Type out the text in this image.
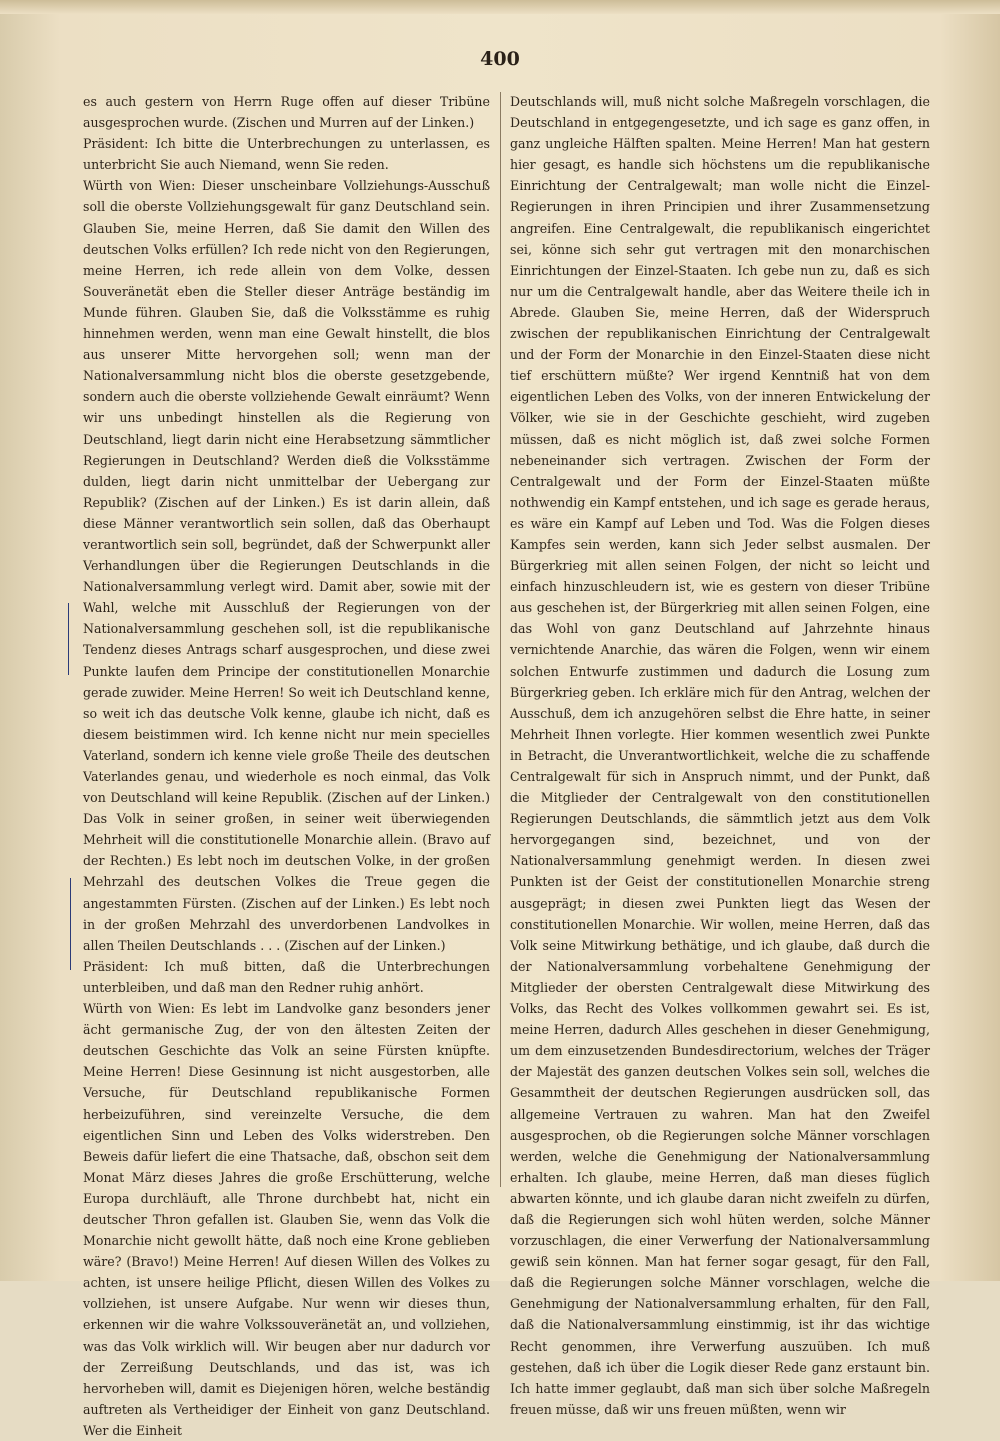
400

es auch gestern von Herrn Ruge offen auf dieser Tribüne ausgesprochen wurde. (Zischen und Murren auf der Linken.)

Präsident: Ich bitte die Unterbrechungen zu unterlassen, es unterbricht Sie auch Niemand, wenn Sie reden.

Würth von Wien: Dieser unscheinbare Vollziehungs-Ausschuß soll die oberste Vollziehungsgewalt für ganz Deutschland sein. Glauben Sie, meine Herren, daß Sie damit den Willen des deutschen Volks erfüllen? Ich rede nicht von den Regierungen, meine Herren, ich rede allein von dem Volke, dessen Souveränetät eben die Steller dieser Anträge beständig im Munde führen. Glauben Sie, daß die Volksstämme es ruhig hinnehmen werden, wenn man eine Gewalt hinstellt, die blos aus unserer Mitte hervorgehen soll; wenn man der Nationalversammlung nicht blos die oberste gesetzgebende, sondern auch die oberste vollziehende Gewalt einräumt? Wenn wir uns unbedingt hinstellen als die Regierung von Deutschland, liegt darin nicht eine Herabsetzung sämmtlicher Regierungen in Deutschland? Werden dieß die Volksstämme dulden, liegt darin nicht unmittelbar der Uebergang zur Republik? (Zischen auf der Linken.) Es ist darin allein, daß diese Männer verantwortlich sein sollen, daß das Oberhaupt verantwortlich sein soll, begründet, daß der Schwerpunkt aller Verhandlungen über die Regierungen Deutschlands in die Nationalversammlung verlegt wird. Damit aber, sowie mit der Wahl, welche mit Ausschluß der Regierungen von der Nationalversammlung geschehen soll, ist die republikanische Tendenz dieses Antrags scharf ausgesprochen, und diese zwei Punkte laufen dem Principe der constitutionellen Monarchie gerade zuwider. Meine Herren! So weit ich Deutschland kenne, so weit ich das deutsche Volk kenne, glaube ich nicht, daß es diesem beistimmen wird. Ich kenne nicht nur mein specielles Vaterland, sondern ich kenne viele große Theile des deutschen Vaterlandes genau, und wiederhole es noch einmal, das Volk von Deutschland will keine Republik. (Zischen auf der Linken.) Das Volk in seiner großen, in seiner weit überwiegenden Mehrheit will die constitutionelle Monarchie allein. (Bravo auf der Rechten.) Es lebt noch im deutschen Volke, in der großen Mehrzahl des deutschen Volkes die Treue gegen die angestammten Fürsten. (Zischen auf der Linken.) Es lebt noch in der großen Mehrzahl des unverdorbenen Landvolkes in allen Theilen Deutschlands . . . (Zischen auf der Linken.)

Präsident: Ich muß bitten, daß die Unterbrechungen unterbleiben, und daß man den Redner ruhig anhört.

Würth von Wien: Es lebt im Landvolke ganz besonders jener ächt germanische Zug, der von den ältesten Zeiten der deutschen Geschichte das Volk an seine Fürsten knüpfte. Meine Herren! Diese Gesinnung ist nicht ausgestorben, alle Versuche, für Deutschland republikanische Formen herbeizuführen, sind vereinzelte Versuche, die dem eigentlichen Sinn und Leben des Volks widerstreben. Den Beweis dafür liefert die eine Thatsache, daß, obschon seit dem Monat März dieses Jahres die große Erschütterung, welche Europa durchläuft, alle Throne durchbebt hat, nicht ein deutscher Thron gefallen ist. Glauben Sie, wenn das Volk die Monarchie nicht gewollt hätte, daß noch eine Krone geblieben wäre? (Bravo!) Meine Herren! Auf diesen Willen des Volkes zu achten, ist unsere heilige Pflicht, diesen Willen des Volkes zu vollziehen, ist unsere Aufgabe. Nur wenn wir dieses thun, erkennen wir die wahre Volkssouveränetät an, und vollziehen, was das Volk wirklich will. Wir beugen aber nur dadurch vor der Zerreißung Deutschlands, und das ist, was ich hervorheben will, damit es Diejenigen hören, welche beständig auftreten als Vertheidiger der Einheit von ganz Deutschland. Wer die Einheit

Deutschlands will, muß nicht solche Maßregeln vorschlagen, die Deutschland in entgegengesetzte, und ich sage es ganz offen, in ganz ungleiche Hälften spalten. Meine Herren! Man hat gestern hier gesagt, es handle sich höchstens um die republikanische Einrichtung der Centralgewalt; man wolle nicht die Einzel-Regierungen in ihren Principien und ihrer Zusammensetzung angreifen. Eine Centralgewalt, die republikanisch eingerichtet sei, könne sich sehr gut vertragen mit den monarchischen Einrichtungen der Einzel-Staaten. Ich gebe nun zu, daß es sich nur um die Centralgewalt handle, aber das Weitere theile ich in Abrede. Glauben Sie, meine Herren, daß der Widerspruch zwischen der republikanischen Einrichtung der Centralgewalt und der Form der Monarchie in den Einzel-Staaten diese nicht tief erschüttern müßte? Wer irgend Kenntniß hat von dem eigentlichen Leben des Volks, von der inneren Entwickelung der Völker, wie sie in der Geschichte geschieht, wird zugeben müssen, daß es nicht möglich ist, daß zwei solche Formen nebeneinander sich vertragen. Zwischen der Form der Centralgewalt und der Form der Einzel-Staaten müßte nothwendig ein Kampf entstehen, und ich sage es gerade heraus, es wäre ein Kampf auf Leben und Tod. Was die Folgen dieses Kampfes sein werden, kann sich Jeder selbst ausmalen. Der Bürgerkrieg mit allen seinen Folgen, der nicht so leicht und einfach hinzuschleudern ist, wie es gestern von dieser Tribüne aus geschehen ist, der Bürgerkrieg mit allen seinen Folgen, eine das Wohl von ganz Deutschland auf Jahrzehnte hinaus vernichtende Anarchie, das wären die Folgen, wenn wir einem solchen Entwurfe zustimmen und dadurch die Losung zum Bürgerkrieg geben. Ich erkläre mich für den Antrag, welchen der Ausschuß, dem ich anzugehören selbst die Ehre hatte, in seiner Mehrheit Ihnen vorlegte. Hier kommen wesentlich zwei Punkte in Betracht, die Unverantwortlichkeit, welche die zu schaffende Centralgewalt für sich in Anspruch nimmt, und der Punkt, daß die Mitglieder der Centralgewalt von den constitutionellen Regierungen Deutschlands, die sämmtlich jetzt aus dem Volk hervorgegangen sind, bezeichnet, und von der Nationalversammlung genehmigt werden. In diesen zwei Punkten ist der Geist der constitutionellen Monarchie streng ausgeprägt; in diesen zwei Punkten liegt das Wesen der constitutionellen Monarchie. Wir wollen, meine Herren, daß das Volk seine Mitwirkung bethätige, und ich glaube, daß durch die der Nationalversammlung vorbehaltene Genehmigung der Mitglieder der obersten Centralgewalt diese Mitwirkung des Volks, das Recht des Volkes vollkommen gewahrt sei. Es ist, meine Herren, dadurch Alles geschehen in dieser Genehmigung, um dem einzusetzenden Bundesdirectorium, welches der Träger der Majestät des ganzen deutschen Volkes sein soll, welches die Gesammtheit der deutschen Regierungen ausdrücken soll, das allgemeine Vertrauen zu wahren. Man hat den Zweifel ausgesprochen, ob die Regierungen solche Männer vorschlagen werden, welche die Genehmigung der Nationalversammlung erhalten. Ich glaube, meine Herren, daß man dieses füglich abwarten könnte, und ich glaube daran nicht zweifeln zu dürfen, daß die Regierungen sich wohl hüten werden, solche Männer vorzuschlagen, die einer Verwerfung der Nationalversammlung gewiß sein können. Man hat ferner sogar gesagt, für den Fall, daß die Regierungen solche Männer vorschlagen, welche die Genehmigung der Nationalversammlung erhalten, für den Fall, daß die Nationalversammlung einstimmig, ist ihr das wichtige Recht genommen, ihre Verwerfung auszuüben. Ich muß gestehen, daß ich über die Logik dieser Rede ganz erstaunt bin. Ich hatte immer geglaubt, daß man sich über solche Maßregeln freuen müsse, daß wir uns freuen müßten, wenn wir
